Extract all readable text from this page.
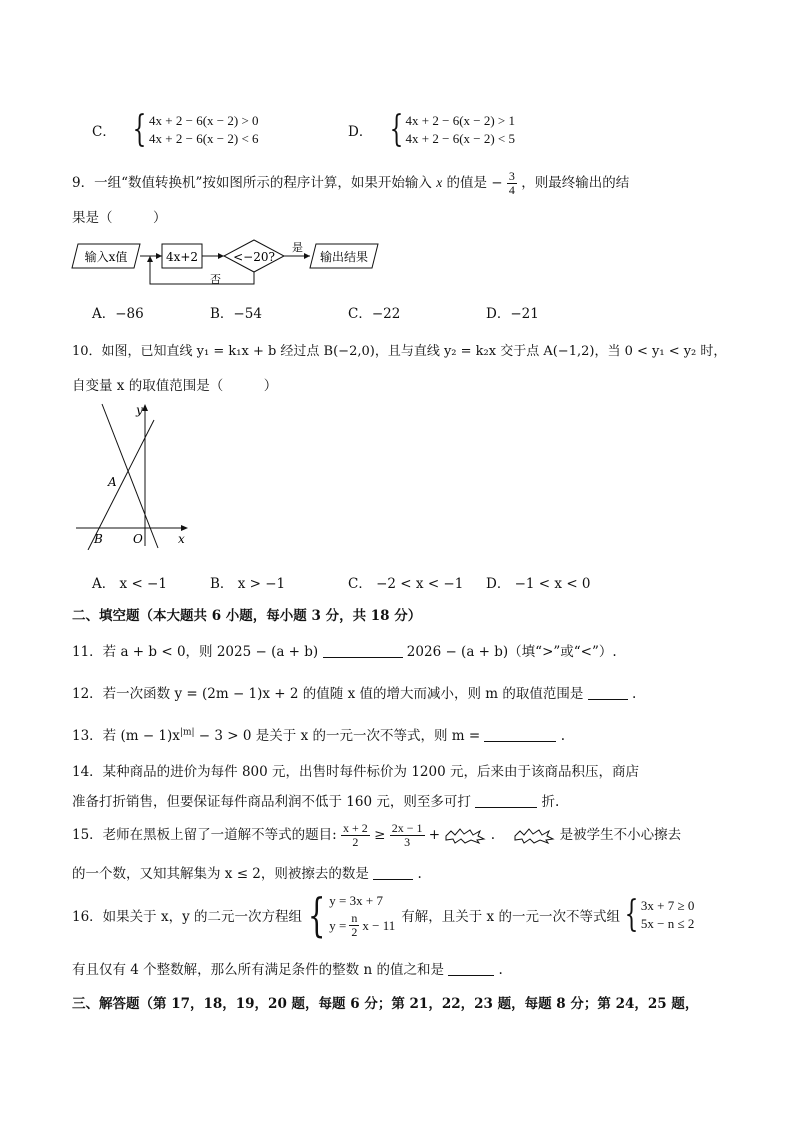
C． { 4x + 2 − 6(x − 2) > 0
4x + 2 − 6(x − 2) < 6	D． { 4x + 2 − 6(x − 2) > 1
4x + 2 − 6(x − 2) < 5
9．一组“数值转换机”按如图所示的程序计算，如果开始输入 x 的值是 − $\frac{3}{4}$ ，则最终输出的结
果是（　　　）
输入x值	4x+2	<−20?
是
输出结果
否
A．−86	B．−54	C．−22	D．−21
10．如图，已知直线 y₁ = k₁x + b 经过点 B(−2,0)，且与直线 y₂ = k₂x 交于点 A(−1,2)，当 0 < y₁ < y₂ 时，
自变量 x 的取值范围是（　　　）
y
x
A
B	O
A． x < −1	B． x > −1	C． −2 < x < −1 D． −1 < x < 0
二、填空题（本大题共 6 小题，每小题 3 分，共 18 分）
11．若 a + b < 0，则 2025 − (a + b)	2026 − (a + b)（填“>”或“<”）.
12．若一次函数 y = (2m − 1)x + 2 的值随 x 值的增大而减小，则 m 的取值范围是	.
13．若 $(m - 1)x^{|m|} - 3 > 0$ 是关于 x 的一元一次不等式，则 m =	.
14．某种商品的进价为每件 800 元，出售时每件标价为 1200 元，后来由于该商品积压，商店
准备打折销售，但要保证每件商品利润不低于 160 元，则至多可打	折.
15．老师在黑板上留了一道解不等式的题目: $\frac{x + 2}{2} \ge \frac{2x - 1}{3}$ +	.	是被学生不小心擦去
的一个数，又知其解集为 x ≤ 2，则被擦去的数是	.
16．如果关于 x，y 的二元一次方程组 { y = 3x + 7
$y = \frac{n}{2}$ x − 11
有解，且关于 x 的一元一次不等式组 { 3x + 7 ≥ 0
5x − n ≤ 2
有且仅有 4 个整数解，那么所有满足条件的整数 n 的值之和是	.
三、解答题（第 17，18，19，20 题，每题 6 分；第 21，22，23 题，每题 8 分；第 24，25 题，
